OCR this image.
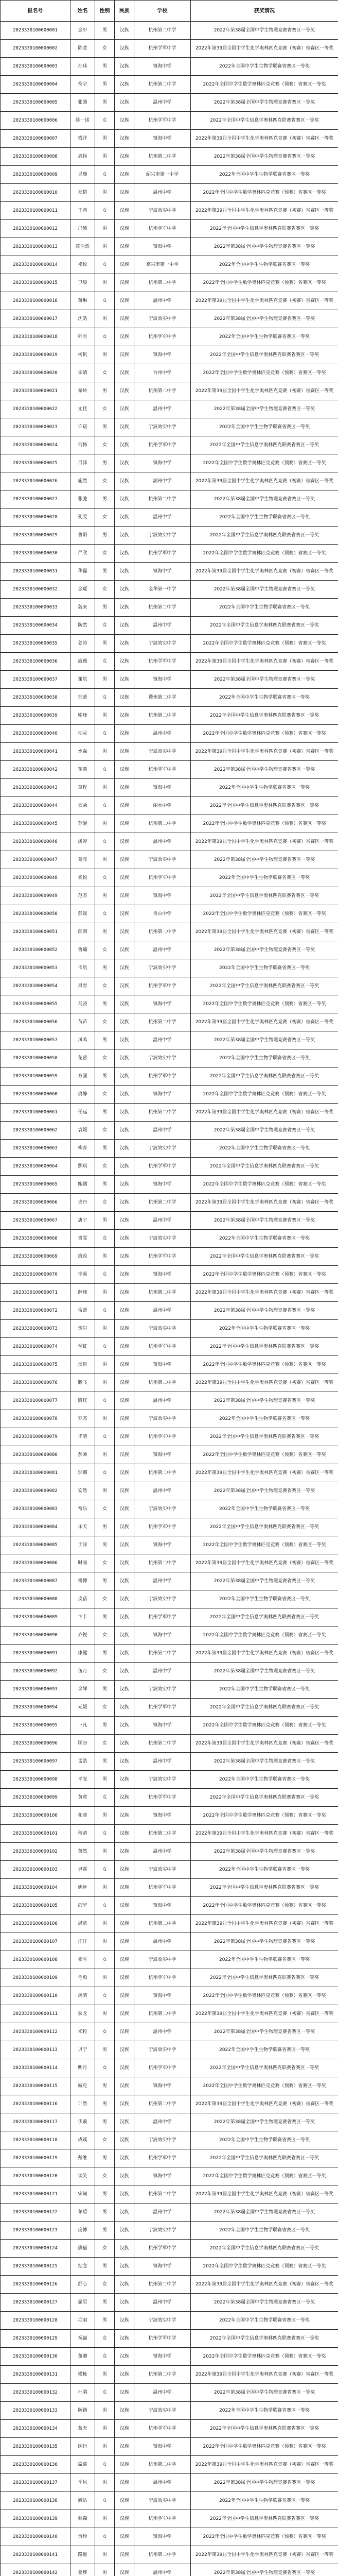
报名号	姓名	性别	民族	学校	获奖情况
2023330100000001	金甲	男	汉族	杭州第二中学	2022年第38届全国中学生物理竞赛省赛区一等奖
2023330100000002	陈萱	女	汉族	杭州学军中学	2022年第39届全国中学生化学奥林匹克竞赛（初赛）省赛区一等奖
2023330100000003	孙玮	男	汉族	镇海中学	2022年全国中学生生物学联赛省赛区一等奖
2023330100000004	倪宇	男	汉族	杭州第二中学	2022年全国中学生数学奥林匹克竞赛（预赛）省赛区一等奖
2023330100000005	张腾	男	汉族	温州中学	2022年第38届全国中学生物理竞赛省赛区一等奖
2023330100000006	陈一诺	女	汉族	杭州学军中学	2022年全国中学生信息学奥林匹克联赛省赛区一等奖
2023330100000007	钱洋	男	汉族	镇海中学	2022年第39届全国中学生化学奥林匹克竞赛（初赛）省赛区一等奖
2023330100000008	周扬	男	汉族	杭州第二中学	2022年第38届全国中学生物理竞赛省赛区一等奖
2023330100000009	吴璇	女	汉族	绍兴市第一中学	2022年全国中学生生物学联赛省赛区一等奖
2023330100000010	郑恺	男	汉族	温州中学	2022年全国中学生数学奥林匹克竞赛（预赛）省赛区一等奖
2023330100000011	王芮	女	汉族	宁波效实中学	2022年第39届全国中学生化学奥林匹克竞赛（初赛）省赛区一等奖
2023330100000012	冯硕	男	汉族	杭州学军中学	2022年全国中学生信息学奥林匹克联赛省赛区一等奖
2023330100000013	陈浩然	男	汉族	镇海中学	2022年第38届全国中学生物理竞赛省赛区一等奖
2023330100000014	褚悦	女	汉族	嘉兴市第一中学	2022年全国中学生生物学联赛省赛区一等奖
2023330100000015	卫晨	男	汉族	杭州第二中学	2022年全国中学生数学奥林匹克竞赛（预赛）省赛区一等奖
2023330100000016	蒋琳	女	汉族	温州中学	2022年第39届全国中学生化学奥林匹克竞赛（初赛）省赛区一等奖
2023330100000017	沈皓	男	汉族	宁波效实中学	2022年第38届全国中学生物理竞赛省赛区一等奖
2023330100000018	韩雪	女	汉族	杭州学军中学	2022年全国中学生生物学联赛省赛区一等奖
2023330100000019	杨帆	男	汉族	镇海中学	2022年全国中学生信息学奥林匹克联赛省赛区一等奖
2023330100000020	朱婧	女	汉族	台州中学	2022年全国中学生数学奥林匹克竞赛（预赛）省赛区一等奖
2023330100000021	秦岭	男	汉族	杭州第二中学	2022年第39届全国中学生化学奥林匹克竞赛（初赛）省赛区一等奖
2023330100000022	尤佳	女	汉族	温州中学	2022年第38届全国中学生物理竞赛省赛区一等奖
2023330100000023	许诺	男	汉族	宁波效实中学	2022年全国中学生生物学联赛省赛区一等奖
2023330100000024	何畅	女	汉族	杭州学军中学	2022年全国中学生信息学奥林匹克联赛省赛区一等奖
2023330100000025	吕泽	男	汉族	镇海中学	2022年全国中学生数学奥林匹克竞赛（预赛）省赛区一等奖
2023330100000026	施然	女	汉族	湖州中学	2022年第39届全国中学生化学奥林匹克竞赛（初赛）省赛区一等奖
2023330100000027	张弛	男	汉族	杭州第二中学	2022年第38届全国中学生物理竞赛省赛区一等奖
2023330100000028	孔雯	女	汉族	温州中学	2022年全国中学生生物学联赛省赛区一等奖
2023330100000029	曹阳	男	汉族	宁波效实中学	2022年全国中学生信息学奥林匹克联赛省赛区一等奖
2023330100000030	严欣	女	汉族	杭州学军中学	2022年全国中学生数学奥林匹克竞赛（预赛）省赛区一等奖
2023330100000031	华磊	男	汉族	镇海中学	2022年第39届全国中学生化学奥林匹克竞赛（初赛）省赛区一等奖
2023330100000032	金瑶	女	汉族	金华第一中学	2022年第38届全国中学生物理竞赛省赛区一等奖
2023330100000033	魏来	男	汉族	杭州第二中学	2022年全国中学生生物学联赛省赛区一等奖
2023330100000034	陶然	女	汉族	温州中学	2022年全国中学生信息学奥林匹克联赛省赛区一等奖
2023330100000035	姜涛	男	汉族	宁波效实中学	2022年全国中学生数学奥林匹克竞赛（预赛）省赛区一等奖
2023330100000036	戚薇	女	汉族	杭州学军中学	2022年第39届全国中学生化学奥林匹克竞赛（初赛）省赛区一等奖
2023330100000037	谢航	男	汉族	镇海中学	2022年第38届全国中学生物理竞赛省赛区一等奖
2023330100000038	邹蕾	女	汉族	衢州第二中学	2022年全国中学生生物学联赛省赛区一等奖
2023330100000039	喻峰	男	汉族	杭州第二中学	2022年全国中学生信息学奥林匹克联赛省赛区一等奖
2023330100000040	柏灵	女	汉族	温州中学	2022年全国中学生数学奥林匹克竞赛（预赛）省赛区一等奖
2023330100000041	水淼	男	汉族	宁波效实中学	2022年第39届全国中学生化学奥林匹克竞赛（初赛）省赛区一等奖
2023330100000042	窦蔻	女	汉族	杭州学军中学	2022年第38届全国中学生物理竞赛省赛区一等奖
2023330100000043	章程	男	汉族	镇海中学	2022年全国中学生生物学联赛省赛区一等奖
2023330100000044	云朵	女	汉族	丽水中学	2022年全国中学生信息学奥林匹克联赛省赛区一等奖
2023330100000045	苏醒	男	汉族	杭州第二中学	2022年全国中学生数学奥林匹克竞赛（预赛）省赛区一等奖
2023330100000046	潘婷	女	汉族	温州中学	2022年第39届全国中学生化学奥林匹克竞赛（初赛）省赛区一等奖
2023330100000047	葛亮	男	汉族	宁波效实中学	2022年第38届全国中学生物理竞赛省赛区一等奖
2023330100000048	奚悦	女	汉族	杭州学军中学	2022年全国中学生生物学联赛省赛区一等奖
2023330100000049	范杰	男	汉族	镇海中学	2022年全国中学生信息学奥林匹克联赛省赛区一等奖
2023330100000050	彭媛	女	汉族	舟山中学	2022年全国中学生数学奥林匹克竞赛（预赛）省赛区一等奖
2023330100000051	郎朗	男	汉族	杭州第二中学	2022年第39届全国中学生化学奥林匹克竞赛（初赛）省赛区一等奖
2023330100000052	鲁璐	女	汉族	温州中学	2022年第38届全国中学生物理竞赛省赛区一等奖
2023330100000053	韦航	男	汉族	宁波效实中学	2022年全国中学生生物学联赛省赛区一等奖
2023330100000054	昌雪	女	汉族	杭州学军中学	2022年全国中学生信息学奥林匹克联赛省赛区一等奖
2023330100000055	马骁	男	汉族	镇海中学	2022年全国中学生数学奥林匹克竞赛（预赛）省赛区一等奖
2023330100000056	苗苗	女	汉族	杭州第二中学	2022年第39届全国中学生化学奥林匹克竞赛（初赛）省赛区一等奖
2023330100000057	凤鸣	男	汉族	温州中学	2022年第38届全国中学生物理竞赛省赛区一等奖
2023330100000058	花蕾	女	汉族	宁波效实中学	2022年全国中学生生物学联赛省赛区一等奖
2023330100000059	方圆	男	汉族	杭州学军中学	2022年全国中学生信息学奥林匹克联赛省赛区一等奖
2023330100000060	俞静	女	汉族	镇海中学	2022年全国中学生数学奥林匹克竞赛（预赛）省赛区一等奖
2023330100000061	任远	男	汉族	杭州第二中学	2022年第39届全国中学生化学奥林匹克竞赛（初赛）省赛区一等奖
2023330100000062	袁媛	女	汉族	温州中学	2022年第38届全国中学生物理竞赛省赛区一等奖
2023330100000063	柳青	男	汉族	宁波效实中学	2022年全国中学生生物学联赛省赛区一等奖
2023330100000064	酆琪	女	汉族	杭州学军中学	2022年全国中学生信息学奥林匹克联赛省赛区一等奖
2023330100000065	鲍鹏	男	汉族	镇海中学	2022年全国中学生数学奥林匹克竞赛（预赛）省赛区一等奖
2023330100000066	史丹	女	汉族	杭州第二中学	2022年第39届全国中学生化学奥林匹克竞赛（初赛）省赛区一等奖
2023330100000067	唐宁	男	汉族	温州中学	2022年第38届全国中学生物理竞赛省赛区一等奖
2023330100000068	费雯	女	汉族	宁波效实中学	2022年全国中学生生物学联赛省赛区一等奖
2023330100000069	廉政	男	汉族	杭州学军中学	2022年全国中学生信息学奥林匹克联赛省赛区一等奖
2023330100000070	岑溪	女	汉族	镇海中学	2022年全国中学生数学奥林匹克竞赛（预赛）省赛区一等奖
2023330100000071	薛峰	男	汉族	杭州第二中学	2022年第39届全国中学生化学奥林匹克竞赛（初赛）省赛区一等奖
2023330100000072	雷蕾	女	汉族	温州中学	2022年第38届全国中学生物理竞赛省赛区一等奖
2023330100000073	贺岩	男	汉族	宁波效实中学	2022年全国中学生生物学联赛省赛区一等奖
2023330100000074	倪虹	女	汉族	杭州学军中学	2022年全国中学生信息学奥林匹克联赛省赛区一等奖
2023330100000075	汤臣	男	汉族	镇海中学	2022年全国中学生数学奥林匹克竞赛（预赛）省赛区一等奖
2023330100000076	滕飞	男	汉族	杭州第二中学	2022年第39届全国中学生化学奥林匹克竞赛（初赛）省赛区一等奖
2023330100000077	殷红	女	汉族	温州中学	2022年第38届全国中学生物理竞赛省赛区一等奖
2023330100000078	罗杰	男	汉族	宁波效实中学	2022年全国中学生生物学联赛省赛区一等奖
2023330100000079	毕晴	女	汉族	杭州学军中学	2022年全国中学生信息学奥林匹克联赛省赛区一等奖
2023330100000080	郝帅	男	汉族	镇海中学	2022年全国中学生数学奥林匹克竞赛（预赛）省赛区一等奖
2023330100000081	邬娜	女	汉族	杭州第二中学	2022年第39届全国中学生化学奥林匹克竞赛（初赛）省赛区一等奖
2023330100000082	安然	男	汉族	温州中学	2022年第38届全国中学生物理竞赛省赛区一等奖
2023330100000083	常乐	女	汉族	宁波效实中学	2022年全国中学生生物学联赛省赛区一等奖
2023330100000084	乐天	男	汉族	杭州学军中学	2022年全国中学生信息学奥林匹克联赛省赛区一等奖
2023330100000085	于洋	男	汉族	镇海中学	2022年全国中学生数学奥林匹克竞赛（预赛）省赛区一等奖
2023330100000086	时雨	女	汉族	杭州第二中学	2022年第39届全国中学生化学奥林匹克竞赛（初赛）省赛区一等奖
2023330100000087	傅博	男	汉族	温州中学	2022年第38届全国中学生物理竞赛省赛区一等奖
2023330100000088	皮蓓	女	汉族	宁波效实中学	2022年全国中学生生物学联赛省赛区一等奖
2023330100000089	卞卡	男	汉族	杭州学军中学	2022年全国中学生信息学奥林匹克联赛省赛区一等奖
2023330100000090	齐悦	女	汉族	镇海中学	2022年全国中学生数学奥林匹克竞赛（预赛）省赛区一等奖
2023330100000091	康健	男	汉族	杭州第二中学	2022年第39届全国中学生化学奥林匹克竞赛（初赛）省赛区一等奖
2023330100000092	伍月	女	汉族	温州中学	2022年第38届全国中学生物理竞赛省赛区一等奖
2023330100000093	余辉	男	汉族	宁波效实中学	2022年全国中学生生物学联赛省赛区一等奖
2023330100000094	元媛	女	汉族	杭州学军中学	2022年全国中学生信息学奥林匹克联赛省赛区一等奖
2023330100000095	卜凡	男	汉族	镇海中学	2022年全国中学生数学奥林匹克竞赛（预赛）省赛区一等奖
2023330100000096	顾盼	女	汉族	杭州第二中学	2022年第39届全国中学生化学奥林匹克竞赛（初赛）省赛区一等奖
2023330100000097	孟浩	男	汉族	温州中学	2022年第38届全国中学生物理竞赛省赛区一等奖
2023330100000098	平安	男	汉族	宁波效实中学	2022年全国中学生生物学联赛省赛区一等奖
2023330100000099	黄莺	女	汉族	杭州学军中学	2022年全国中学生信息学奥林匹克联赛省赛区一等奖
2023330100000100	和睦	男	汉族	镇海中学	2022年全国中学生数学奥林匹克竞赛（预赛）省赛区一等奖
2023330100000101	穆清	女	汉族	杭州第二中学	2022年第39届全国中学生化学奥林匹克竞赛（初赛）省赛区一等奖
2023330100000102	萧然	男	汉族	温州中学	2022年第38届全国中学生物理竞赛省赛区一等奖
2023330100000103	尹露	女	汉族	宁波效实中学	2022年全国中学生生物学联赛省赛区一等奖
2023330100000104	姚远	男	汉族	杭州学军中学	2022年全国中学生信息学奥林匹克联赛省赛区一等奖
2023330100000105	邵华	女	汉族	镇海中学	2022年全国中学生数学奥林匹克竞赛（预赛）省赛区一等奖
2023330100000106	湛蓝	男	汉族	杭州第二中学	2022年第39届全国中学生化学奥林匹克竞赛（初赛）省赛区一等奖
2023330100000107	汪洋	男	汉族	温州中学	2022年第38届全国中学生物理竞赛省赛区一等奖
2023330100000108	祁雪	女	汉族	宁波效实中学	2022年全国中学生生物学联赛省赛区一等奖
2023330100000109	毛毅	男	汉族	杭州学军中学	2022年全国中学生信息学奥林匹克联赛省赛区一等奖
2023330100000110	禹晴	女	汉族	镇海中学	2022年全国中学生数学奥林匹克竞赛（预赛）省赛区一等奖
2023330100000111	狄龙	男	汉族	杭州第二中学	2022年第39届全国中学生化学奥林匹克竞赛（初赛）省赛区一等奖
2023330100000112	米粒	女	汉族	温州中学	2022年第38届全国中学生物理竞赛省赛区一等奖
2023330100000113	贝宁	男	汉族	宁波效实中学	2022年全国中学生生物学联赛省赛区一等奖
2023330100000114	明月	女	汉族	杭州学军中学	2022年全国中学生信息学奥林匹克联赛省赛区一等奖
2023330100000115	臧克	男	汉族	镇海中学	2022年全国中学生数学奥林匹克竞赛（预赛）省赛区一等奖
2023330100000116	计然	男	汉族	杭州第二中学	2022年第39届全国中学生化学奥林匹克竞赛（初赛）省赛区一等奖
2023330100000117	伏羲	男	汉族	温州中学	2022年第38届全国中学生物理竞赛省赛区一等奖
2023330100000118	成蹊	女	汉族	宁波效实中学	2022年全国中学生生物学联赛省赛区一等奖
2023330100000119	戴维	男	汉族	杭州学军中学	2022年全国中学生信息学奥林匹克联赛省赛区一等奖
2023330100000120	谈笑	女	汉族	镇海中学	2022年全国中学生数学奥林匹克竞赛（预赛）省赛区一等奖
2023330100000121	宋词	男	汉族	杭州第二中学	2022年第39届全国中学生化学奥林匹克竞赛（初赛）省赛区一等奖
2023330100000122	茅盾	男	汉族	温州中学	2022年第38届全国中学生物理竞赛省赛区一等奖
2023330100000123	庞博	男	汉族	宁波效实中学	2022年全国中学生生物学联赛省赛区一等奖
2023330100000124	熊猫	女	汉族	杭州学军中学	2022年全国中学生信息学奥林匹克联赛省赛区一等奖
2023330100000125	纪念	男	汉族	镇海中学	2022年全国中学生数学奥林匹克竞赛（预赛）省赛区一等奖
2023330100000126	舒心	女	汉族	杭州第二中学	2022年第39届全国中学生化学奥林匹克竞赛（初赛）省赛区一等奖
2023330100000127	屈原	男	汉族	温州中学	2022年第38届全国中学生物理竞赛省赛区一等奖
2023330100000128	项羽	男	汉族	宁波效实中学	2022年全国中学生生物学联赛省赛区一等奖
2023330100000129	祝福	女	汉族	杭州学军中学	2022年全国中学生信息学奥林匹克联赛省赛区一等奖
2023330100000130	董卿	女	汉族	镇海中学	2022年全国中学生数学奥林匹克竞赛（预赛）省赛区一等奖
2023330100000131	梁栋	男	汉族	杭州第二中学	2022年第39届全国中学生化学奥林匹克竞赛（初赛）省赛区一等奖
2023330100000132	杜鹃	女	汉族	温州中学	2022年第38届全国中学生物理竞赛省赛区一等奖
2023330100000133	阮籍	男	汉族	宁波效实中学	2022年全国中学生生物学联赛省赛区一等奖
2023330100000134	蓝天	男	汉族	杭州学军中学	2022年全国中学生信息学奥林匹克联赛省赛区一等奖
2023330100000135	闵行	男	汉族	镇海中学	2022年全国中学生数学奥林匹克竞赛（预赛）省赛区一等奖
2023330100000136	席慕	女	汉族	杭州第二中学	2022年第39届全国中学生化学奥林匹克竞赛（初赛）省赛区一等奖
2023330100000137	季风	男	汉族	温州中学	2022年第38届全国中学生物理竞赛省赛区一等奖
2023330100000138	麻姑	女	汉族	宁波效实中学	2022年全国中学生生物学联赛省赛区一等奖
2023330100000139	强森	男	汉族	杭州学军中学	2022年全国中学生信息学奥林匹克联赛省赛区一等奖
2023330100000140	贾玲	女	汉族	镇海中学	2022年全国中学生数学奥林匹克竞赛（预赛）省赛区一等奖
2023330100000141	路遥	男	汉族	杭州第二中学	2022年第39届全国中学生化学奥林匹克竞赛（初赛）省赛区一等奖
2023330100000142	娄烨	男	汉族	温州中学	2022年第38届全国中学生物理竞赛省赛区一等奖
